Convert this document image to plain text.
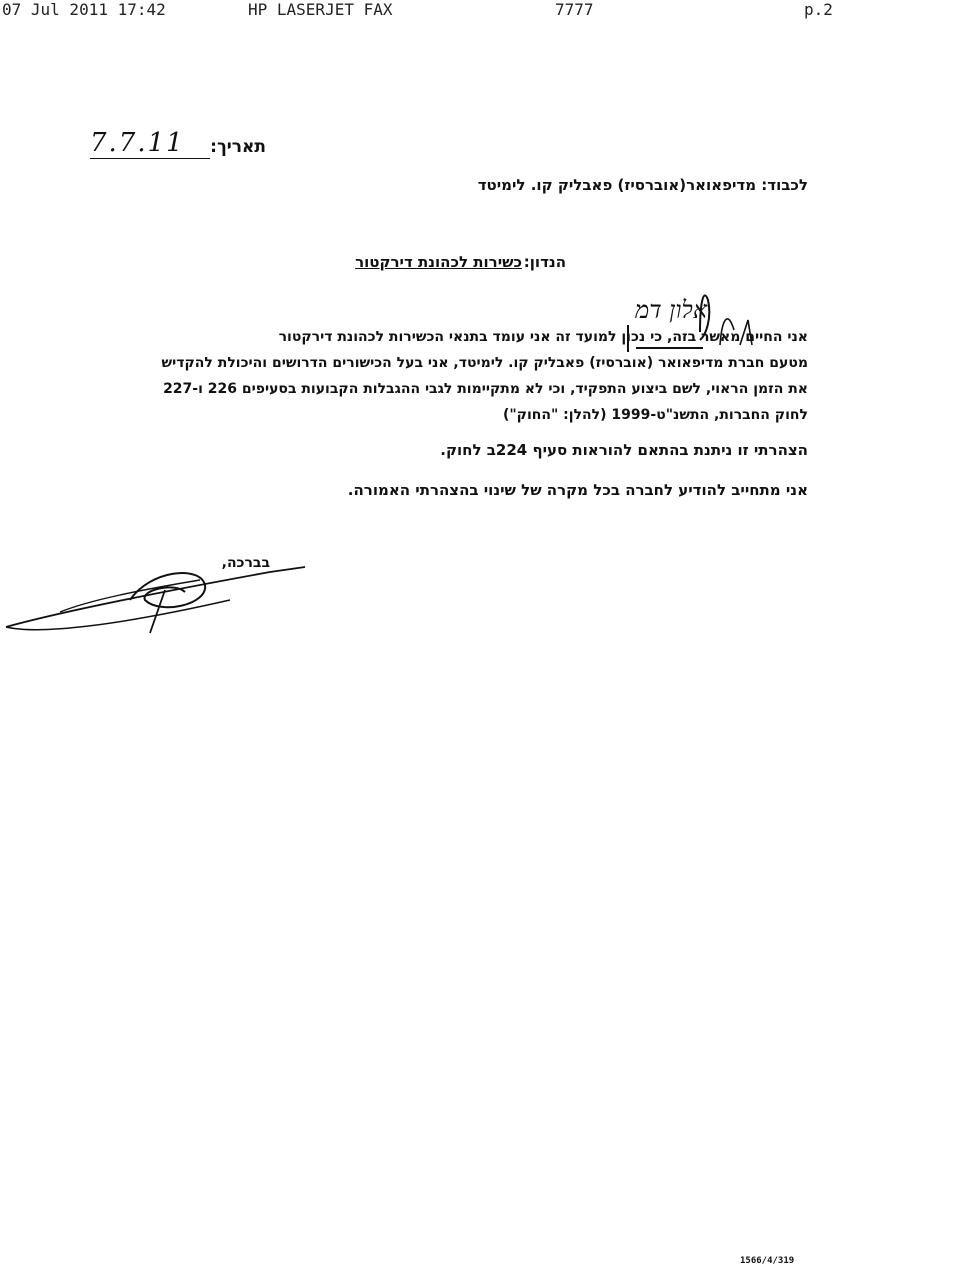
07 Jul 2011 17:42	HP LASERJET FAX	7777	p.2
תאריך:
7.7.11
לכבוד: מדיפאואר(אוברסיז) פאבליק קו. לימיטד
הנדון:
כשירות לכהונת דירקטור
אני החיים מאשר בזה, כי נכון למועד זה אני עומד בתנאי הכשירות לכהונת דירקטור
מטעם חברת מדיפאואר (אוברסיז) פאבליק קו. לימיטד, אני בעל הכישורים הדרושים והיכולת להקדיש
את הזמן הראוי, לשם ביצוע התפקיד, וכי לא מתקיימות לגבי ההגבלות הקבועות בסעיפים 226 ו-227
לחוק החברות, התשנ"ט-1999 (להלן: "החוק")
אלון דמ
הצהרתי זו ניתנת בהתאם להוראות סעיף 224ב לחוק.
אני מתחייב להודיע לחברה בכל מקרה של שינוי בהצהרתי האמורה.
בברכה,
1566/4/319
